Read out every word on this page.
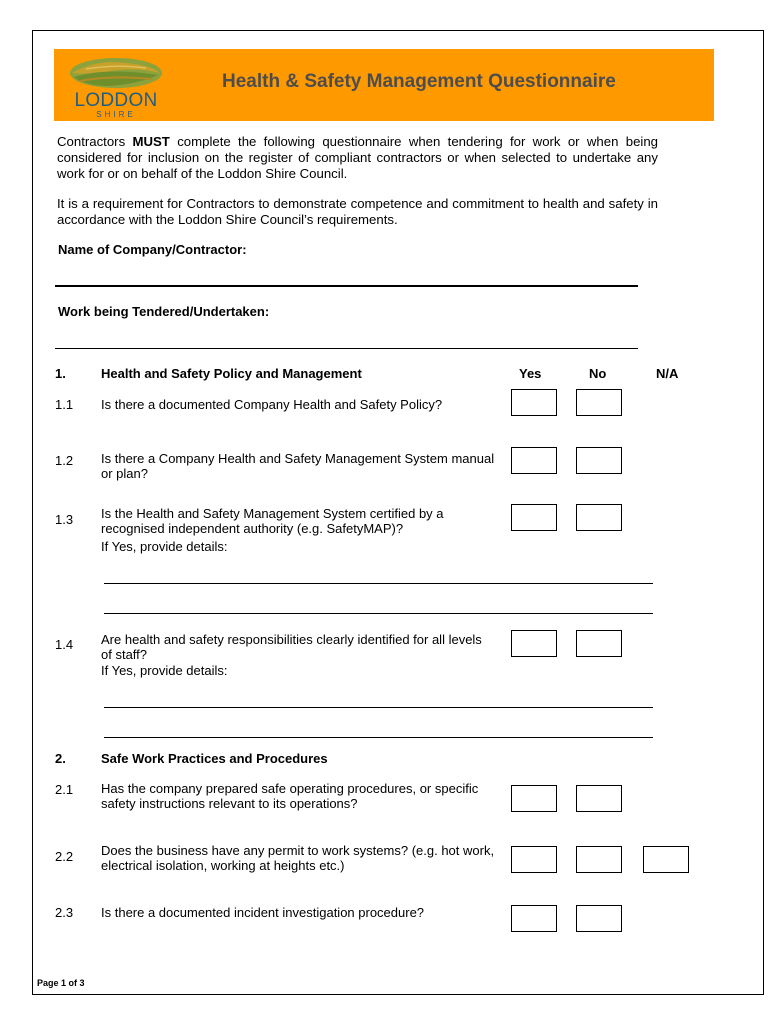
LODDON
SHIRE
Health & Safety Management Questionnaire

Contractors MUST complete the following questionnaire when tendering for work or when being considered for inclusion on the register of compliant contractors or when selected to undertake any work for or on behalf of the Loddon Shire Council.

It is a requirement for Contractors to demonstrate competence and commitment to health and safety in accordance with the Loddon Shire Council’s requirements.

Name of Company/Contractor:
Work being Tendered/Undertaken:
1.	Health and Safety Policy and Management	Yes	No	N/A
1.1 Is there a documented Company Health and Safety Policy?
1.2 Is there a Company Health and Safety Management System manual or plan?
1.3 Is the Health and Safety Management System certified by a recognised independent authority (e.g. SafetyMAP)?
If Yes, provide details:
1.4 Are health and safety responsibilities clearly identified for all levels of staff?
If Yes, provide details:
2.	Safe Work Practices and Procedures
2.1 Has the company prepared safe operating procedures, or specific safety instructions relevant to its operations?
2.2 Does the business have any permit to work systems? (e.g. hot work, electrical isolation, working at heights etc.)
2.3 Is there a documented incident investigation procedure?
Page 1 of 3
